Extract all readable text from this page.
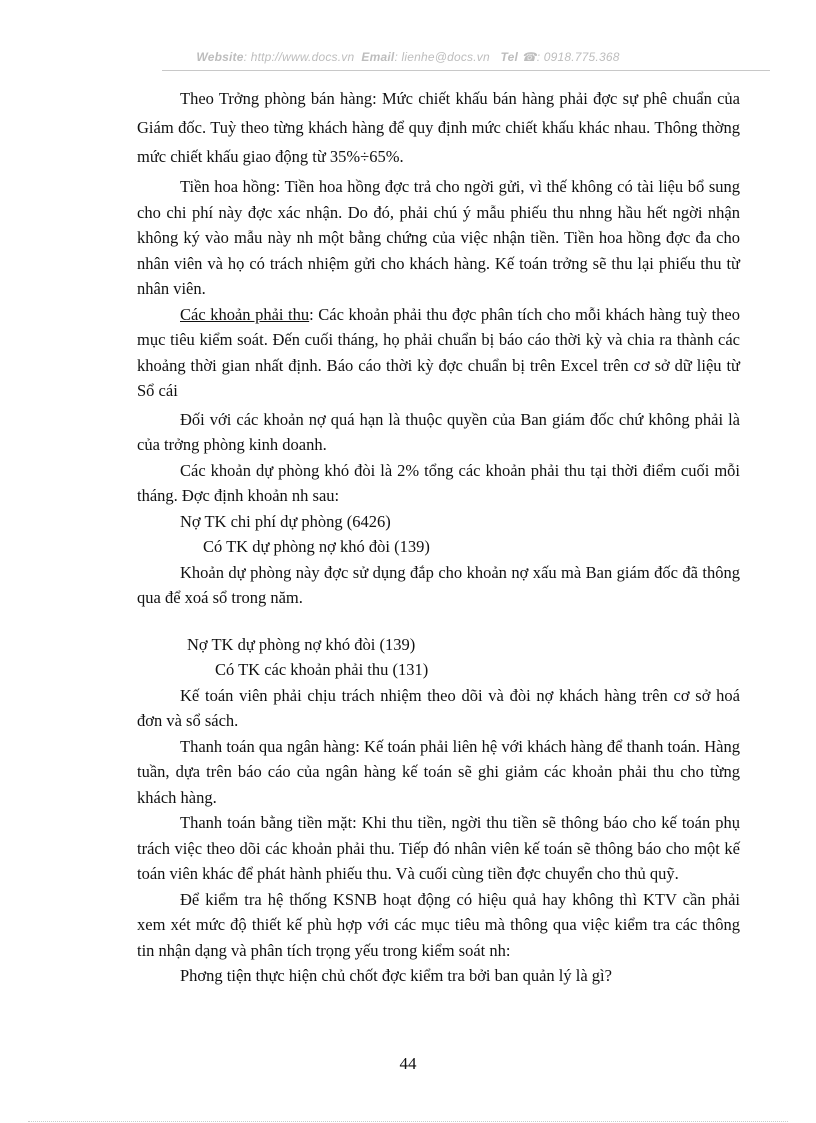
Website: http://www.docs.vn Email: lienhe@docs.vn Tel ☎: 0918.775.368

Theo Trởng phòng bán hàng: Mức chiết khấu bán hàng phải đợc sự phê chuẩn của Giám đốc. Tuỳ theo từng khách hàng để quy định mức chiết khấu khác nhau. Thông thờng mức chiết khấu giao động từ 35%÷65%.

Tiền hoa hồng: Tiền hoa hồng đợc trả cho ngời gửi, vì thế không có tài liệu bổ sung cho chi phí này đợc xác nhận. Do đó, phải chú ý mẫu phiếu thu nhng hầu hết ngời nhận không ký vào mẫu này nh một bằng chứng của việc nhận tiền. Tiền hoa hồng đợc đa cho nhân viên và họ có trách nhiệm gửi cho khách hàng. Kế toán trởng sẽ thu lại phiếu thu từ nhân viên.

Các khoản phải thu: Các khoản phải thu đợc phân tích cho mỗi khách hàng tuỳ theo mục tiêu kiểm soát. Đến cuối tháng, họ phải chuẩn bị báo cáo thời kỳ và chia ra thành các khoảng thời gian nhất định. Báo cáo thời kỳ đợc chuẩn bị trên Excel trên cơ sở dữ liệu từ Sổ cái

Đối với các khoản nợ quá hạn là thuộc quyền của Ban giám đốc chứ không phải là của trởng phòng kinh doanh.

Các khoản dự phòng khó đòi là 2% tổng các khoản phải thu tại thời điểm cuối mỗi tháng. Đợc định khoản nh sau:

Nợ TK chi phí dự phòng (6426)

Có TK dự phòng nợ khó đòi (139)

Khoản dự phòng này đợc sử dụng đắp cho khoản nợ xấu mà Ban giám đốc đã thông qua để xoá sổ trong năm.

Nợ TK dự phòng nợ khó đòi (139)

Có TK các khoản phải thu (131)

Kế toán viên phải chịu trách nhiệm theo dõi và đòi nợ khách hàng trên cơ sở hoá đơn và sổ sách.

Thanh toán qua ngân hàng: Kế toán phải liên hệ với khách hàng để thanh toán. Hàng tuần, dựa trên báo cáo của ngân hàng kế toán sẽ ghi giảm các khoản phải thu cho từng khách hàng.

Thanh toán bằng tiền mặt: Khi thu tiền, ngời thu tiền sẽ thông báo cho kế toán phụ trách việc theo dõi các khoản phải thu. Tiếp đó nhân viên kế toán sẽ thông báo cho một kế toán viên khác để phát hành phiếu thu. Và cuối cùng tiền đợc chuyển cho thủ quỹ.

Để kiểm tra hệ thống KSNB hoạt động có hiệu quả hay không thì KTV cần phải xem xét mức độ thiết kế phù hợp với các mục tiêu mà thông qua việc kiểm tra các thông tin nhận dạng và phân tích trọng yếu trong kiểm soát nh:

Phơng tiện thực hiện chủ chốt đợc kiểm tra bởi ban quản lý là gì?

44
